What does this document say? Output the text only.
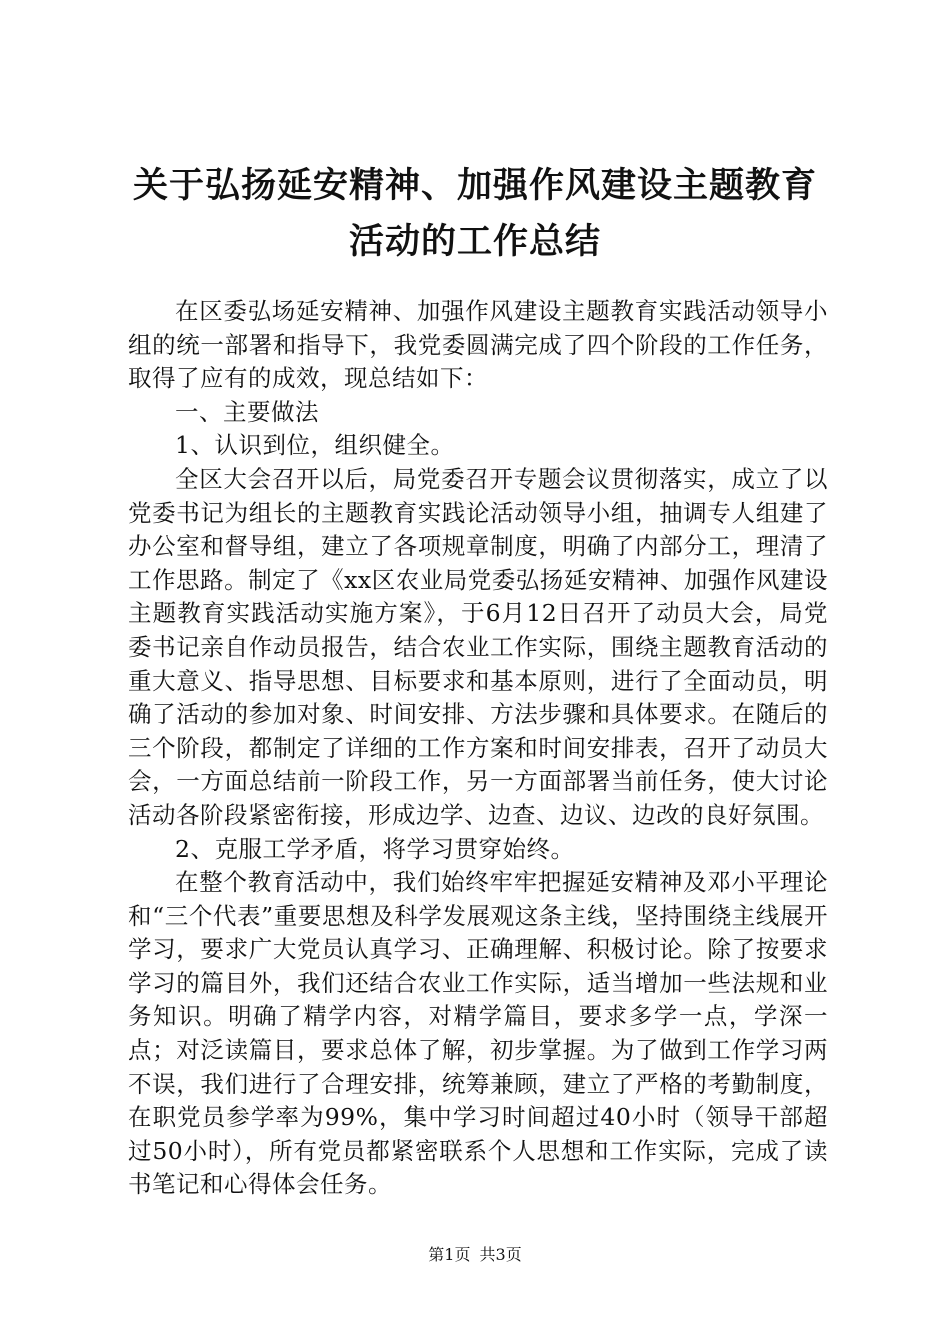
关于弘扬延安精神、加强作风建设主题教育活动的工作总结

在区委弘场延安精神、加强作风建设主题教育实践活动领导小组的统一部署和指导下，我党委圆满完成了四个阶段的工作任务，取得了应有的成效，现总结如下：

一、主要做法

1、认识到位，组织健全。

全区大会召开以后，局党委召开专题会议贯彻落实，成立了以党委书记为组长的主题教育实践论活动领导小组，抽调专人组建了办公室和督导组，建立了各项规章制度，明确了内部分工，理清了工作思路。制定了《xx区农业局党委弘扬延安精神、加强作风建设主题教育实践活动实施方案》，于6月12日召开了动员大会，局党委书记亲自作动员报告，结合农业工作实际，围绕主题教育活动的重大意义、指导思想、目标要求和基本原则，进行了全面动员，明确了活动的参加对象、时间安排、方法步骤和具体要求。在随后的三个阶段，都制定了详细的工作方案和时间安排表，召开了动员大会，一方面总结前一阶段工作，另一方面部署当前任务，使大讨论活动各阶段紧密衔接，形成边学、边查、边议、边改的良好氛围。

2、克服工学矛盾，将学习贯穿始终。

在整个教育活动中，我们始终牢牢把握延安精神及邓小平理论和“三个代表”重要思想及科学发展观这条主线，坚持围绕主线展开学习，要求广大党员认真学习、正确理解、积极讨论。除了按要求学习的篇目外，我们还结合农业工作实际，适当增加一些法规和业务知识。明确了精学内容，对精学篇目，要求多学一点，学深一点；对泛读篇目，要求总体了解，初步掌握。为了做到工作学习两不误，我们进行了合理安排，统筹兼顾，建立了严格的考勤制度，在职党员参学率为99%，集中学习时间超过40小时（领导干部超过50小时），所有党员都紧密联系个人思想和工作实际，完成了读书笔记和心得体会任务。

第1页 共3页
